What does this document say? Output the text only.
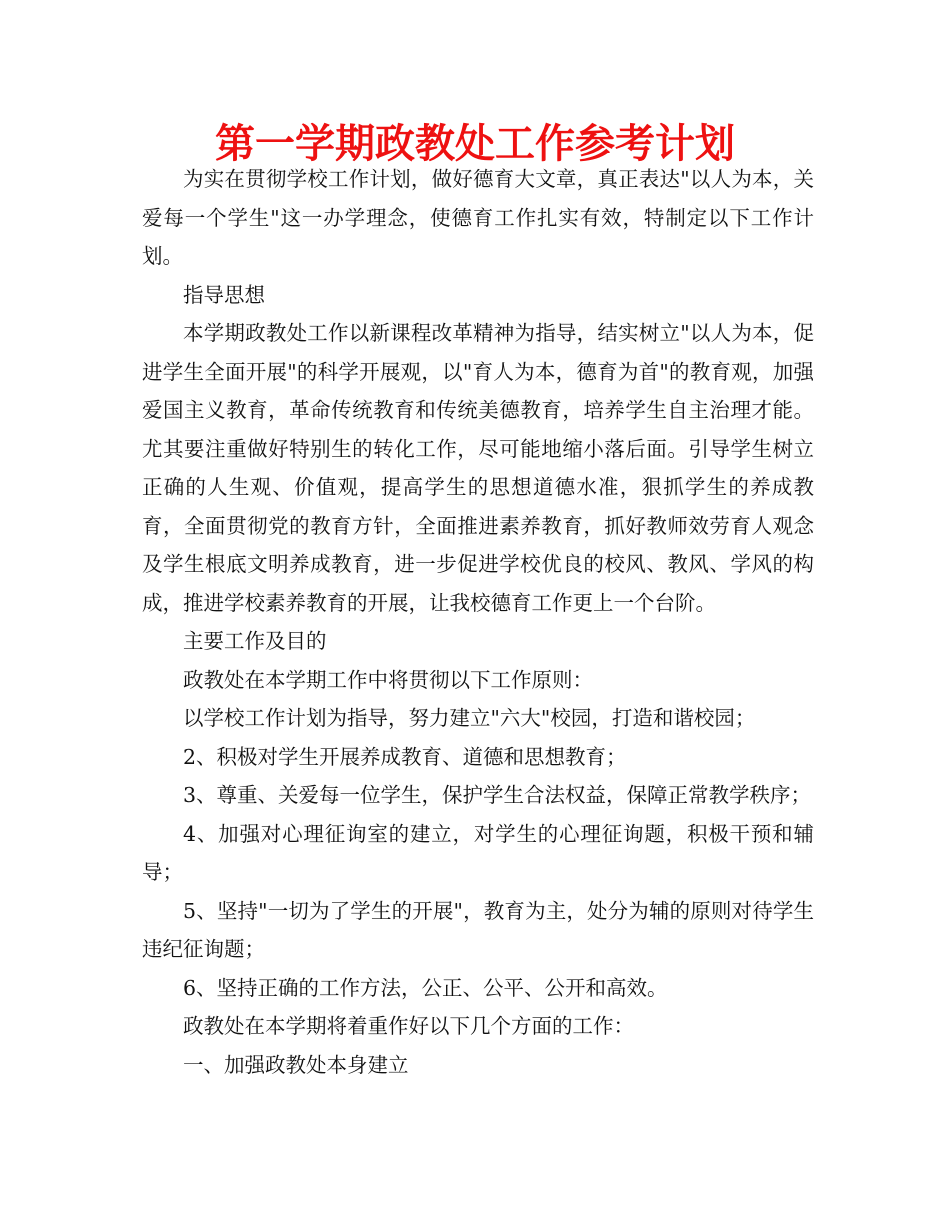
第一学期政教处工作参考计划

为实在贯彻学校工作计划，做好德育大文章，真正表达"以人为本，关爱每一个学生"这一办学理念，使德育工作扎实有效，特制定以下工作计划。

指导思想

本学期政教处工作以新课程改革精神为指导，结实树立"以人为本，促进学生全面开展"的科学开展观，以"育人为本，德育为首"的教育观，加强爱国主义教育，革命传统教育和传统美德教育，培养学生自主治理才能。尤其要注重做好特别生的转化工作，尽可能地缩小落后面。引导学生树立正确的人生观、价值观，提高学生的思想道德水准，狠抓学生的养成教育，全面贯彻党的教育方针，全面推进素养教育，抓好教师效劳育人观念及学生根底文明养成教育，进一步促进学校优良的校风、教风、学风的构成，推进学校素养教育的开展，让我校德育工作更上一个台阶。

主要工作及目的

政教处在本学期工作中将贯彻以下工作原则：

以学校工作计划为指导，努力建立"六大"校园，打造和谐校园；

2、积极对学生开展养成教育、道德和思想教育；

3、尊重、关爱每一位学生，保护学生合法权益，保障正常教学秩序；

4、加强对心理征询室的建立，对学生的心理征询题，积极干预和辅导；

5、坚持"一切为了学生的开展"，教育为主，处分为辅的原则对待学生违纪征询题；

6、坚持正确的工作方法，公正、公平、公开和高效。

政教处在本学期将着重作好以下几个方面的工作：

一、加强政教处本身建立
